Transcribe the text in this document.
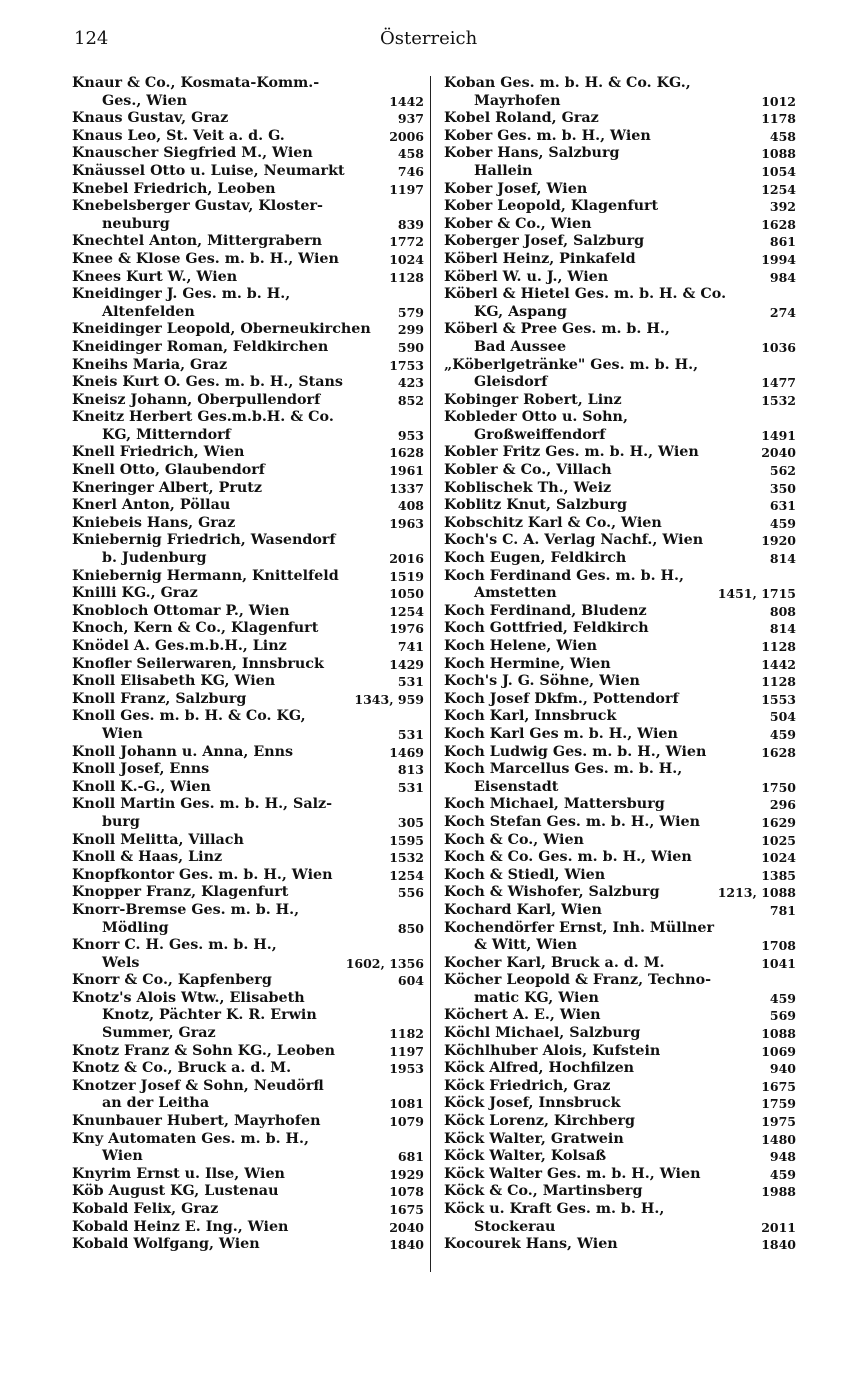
124	Österreich
Knaur & Co., Kosmata-Komm.-
Ges., Wien	1442
Knaus Gustav, Graz	937
Knaus Leo, St. Veit a. d. G.	2006
Knauscher Siegfried M., Wien	458
Knäussel Otto u. Luise, Neumarkt	746
Knebel Friedrich, Leoben	1197
Knebelsberger Gustav, Kloster-
neuburg	839
Knechtel Anton, Mittergrabern	1772
Knee & Klose Ges. m. b. H., Wien	1024
Knees Kurt W., Wien	1128
Kneidinger J. Ges. m. b. H.,
Altenfelden	579
Kneidinger Leopold, Oberneukirchen	299
Kneidinger Roman, Feldkirchen	590
Kneihs Maria, Graz	1753
Kneis Kurt O. Ges. m. b. H., Stans	423
Kneisz Johann, Oberpullendorf	852
Kneitz Herbert Ges.m.b.H. & Co.
KG, Mitterndorf	953
Knell Friedrich, Wien	1628
Knell Otto, Glaubendorf	1961
Kneringer Albert, Prutz	1337
Knerl Anton, Pöllau	408
Kniebeis Hans, Graz	1963
Kniebernig Friedrich, Wasendorf
b. Judenburg	2016
Kniebernig Hermann, Knittelfeld	1519
Knilli KG., Graz	1050
Knobloch Ottomar P., Wien	1254
Knoch, Kern & Co., Klagenfurt	1976
Knödel A. Ges.m.b.H., Linz	741
Knofler Seilerwaren, Innsbruck	1429
Knoll Elisabeth KG, Wien	531
Knoll Franz, Salzburg	1343, 959
Knoll Ges. m. b. H. & Co. KG,
Wien	531
Knoll Johann u. Anna, Enns	1469
Knoll Josef, Enns	813
Knoll K.-G., Wien	531
Knoll Martin Ges. m. b. H., Salz-
burg	305
Knoll Melitta, Villach	1595
Knoll & Haas, Linz	1532
Knopfkontor Ges. m. b. H., Wien	1254
Knopper Franz, Klagenfurt	556
Knorr-Bremse Ges. m. b. H.,
Mödling	850
Knorr C. H. Ges. m. b. H.,
Wels	1602, 1356
Knorr & Co., Kapfenberg	604
Knotz's Alois Wtw., Elisabeth
Knotz, Pächter K. R. Erwin
Summer, Graz	1182
Knotz Franz & Sohn KG., Leoben	1197
Knotz & Co., Bruck a. d. M.	1953
Knotzer Josef & Sohn, Neudörfl
an der Leitha	1081
Knunbauer Hubert, Mayrhofen	1079
Kny Automaten Ges. m. b. H.,
Wien	681
Knyrim Ernst u. Ilse, Wien	1929
Köb August KG, Lustenau	1078
Kobald Felix, Graz	1675
Kobald Heinz E. Ing., Wien	2040
Kobald Wolfgang, Wien	1840
Koban Ges. m. b. H. & Co. KG.,
Mayrhofen	1012
Kobel Roland, Graz	1178
Kober Ges. m. b. H., Wien	458
Kober Hans, Salzburg	1088
Hallein	1054
Kober Josef, Wien	1254
Kober Leopold, Klagenfurt	392
Kober & Co., Wien	1628
Koberger Josef, Salzburg	861
Köberl Heinz, Pinkafeld	1994
Köberl W. u. J., Wien	984
Köberl & Hietel Ges. m. b. H. & Co.
KG, Aspang	274
Köberl & Pree Ges. m. b. H.,
Bad Aussee	1036
„Köberlgetränke" Ges. m. b. H.,
Gleisdorf	1477
Kobinger Robert, Linz	1532
Kobleder Otto u. Sohn,
Großweiffendorf	1491
Kobler Fritz Ges. m. b. H., Wien	2040
Kobler & Co., Villach	562
Koblischek Th., Weiz	350
Koblitz Knut, Salzburg	631
Kobschitz Karl & Co., Wien	459
Koch's C. A. Verlag Nachf., Wien	1920
Koch Eugen, Feldkirch	814
Koch Ferdinand Ges. m. b. H.,
Amstetten	1451, 1715
Koch Ferdinand, Bludenz	808
Koch Gottfried, Feldkirch	814
Koch Helene, Wien	1128
Koch Hermine, Wien	1442
Koch's J. G. Söhne, Wien	1128
Koch Josef Dkfm., Pottendorf	1553
Koch Karl, Innsbruck	504
Koch Karl Ges m. b. H., Wien	459
Koch Ludwig Ges. m. b. H., Wien	1628
Koch Marcellus Ges. m. b. H.,
Eisenstadt	1750
Koch Michael, Mattersburg	296
Koch Stefan Ges. m. b. H., Wien	1629
Koch & Co., Wien	1025
Koch & Co. Ges. m. b. H., Wien	1024
Koch & Stiedl, Wien	1385
Koch & Wishofer, Salzburg	1213, 1088
Kochard Karl, Wien	781
Kochendörfer Ernst, Inh. Müllner
& Witt, Wien	1708
Kocher Karl, Bruck a. d. M.	1041
Köcher Leopold & Franz, Techno-
matic KG, Wien	459
Köchert A. E., Wien	569
Köchl Michael, Salzburg	1088
Köchlhuber Alois, Kufstein	1069
Köck Alfred, Hochfilzen	940
Köck Friedrich, Graz	1675
Köck Josef, Innsbruck	1759
Köck Lorenz, Kirchberg	1975
Köck Walter, Gratwein	1480
Köck Walter, Kolsaß	948
Köck Walter Ges. m. b. H., Wien	459
Köck & Co., Martinsberg	1988
Köck u. Kraft Ges. m. b. H.,
Stockerau	2011
Kocourek Hans, Wien	1840
